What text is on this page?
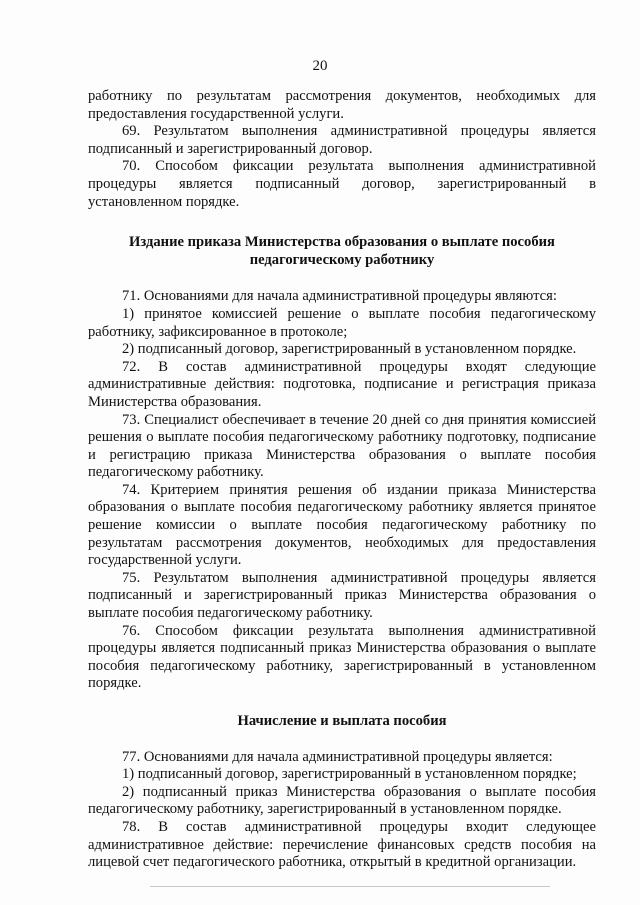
20

работнику по результатам рассмотрения документов, необходимых для предоставления государственной услуги.

69. Результатом выполнения административной процедуры является подписанный и зарегистрированный договор.

70. Способом фиксации результата выполнения административной процедуры является подписанный договор, зарегистрированный в установленном порядке.

Издание приказа Министерства образования о выплате пособия
педагогическому работнику

71. Основаниями для начала административной процедуры являются:

1) принятое комиссией решение о выплате пособия педагогическому работнику, зафиксированное в протоколе;

2) подписанный договор, зарегистрированный в установленном порядке.

72. В состав административной процедуры входят следующие административные действия: подготовка, подписание и регистрация приказа Министерства образования.

73. Специалист обеспечивает в течение 20 дней со дня принятия комиссией решения о выплате пособия педагогическому работнику подготовку, подписание и регистрацию приказа Министерства образования о выплате пособия педагогическому работнику.

74. Критерием принятия решения об издании приказа Министерства образования о выплате пособия педагогическому работнику является принятое решение комиссии о выплате пособия педагогическому работнику по результатам рассмотрения документов, необходимых для предоставления государственной услуги.

75. Результатом выполнения административной процедуры является подписанный и зарегистрированный приказ Министерства образования о выплате пособия педагогическому работнику.

76. Способом фиксации результата выполнения административной процедуры является подписанный приказ Министерства образования о выплате пособия педагогическому работнику, зарегистрированный в установленном порядке.

Начисление и выплата пособия

77. Основаниями для начала административной процедуры является:

1) подписанный договор, зарегистрированный в установленном порядке;

2) подписанный приказ Министерства образования о выплате пособия педагогическому работнику, зарегистрированный в установленном порядке.

78. В состав административной процедуры входит следующее административное действие: перечисление финансовых средств пособия на лицевой счет педагогического работника, открытый в кредитной организации.
